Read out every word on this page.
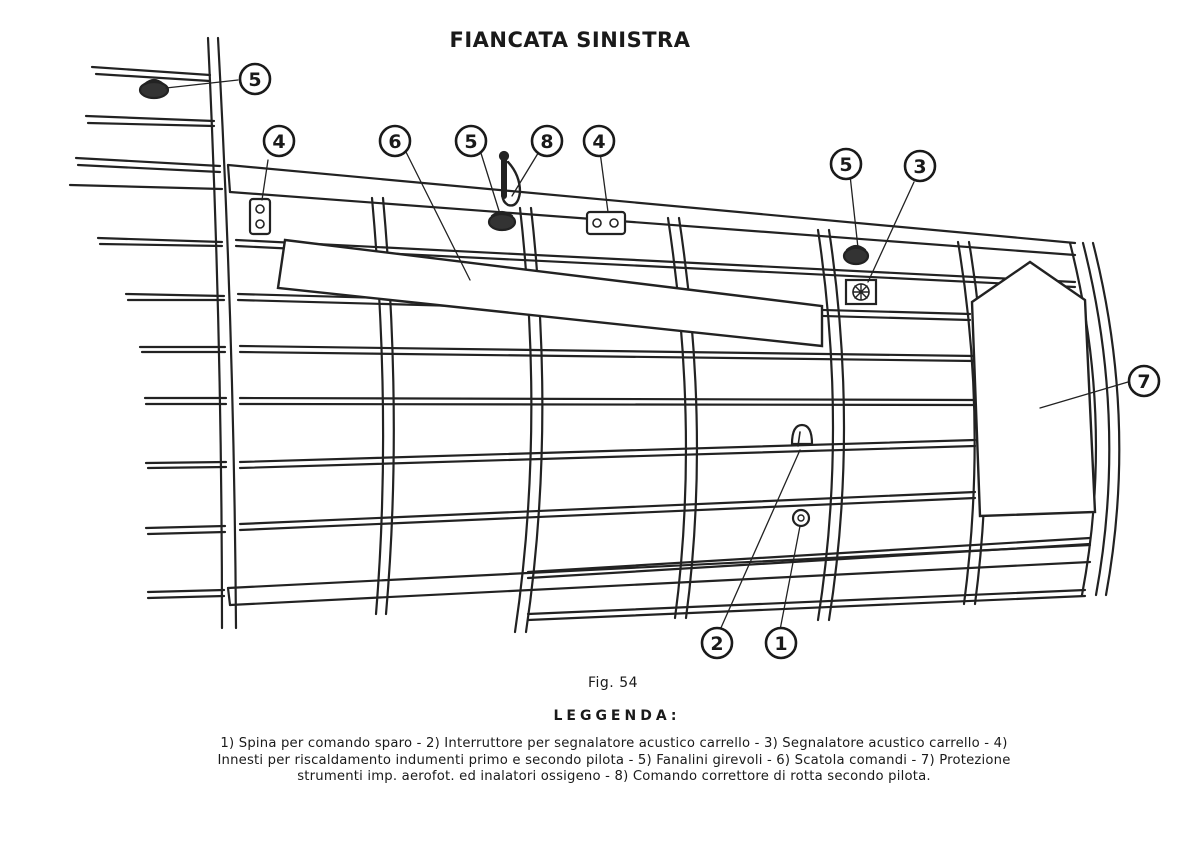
FIANCATA SINISTRA
5
4	6	5	8 4
5	3
7
2	1
Fig. 54
LEGGENDA:
1) Spina per comando sparo - 2) Interruttore per segnalatore acustico carrello - 3) Segnalatore acustico carrello - 4) Innesti per riscaldamento indumenti primo e secondo pilota - 5) Fanalini girevoli - 6) Scatola comandi - 7) Protezione strumenti imp. aerofot. ed inalatori ossigeno - 8) Comando correttore di rotta secondo pilota.
